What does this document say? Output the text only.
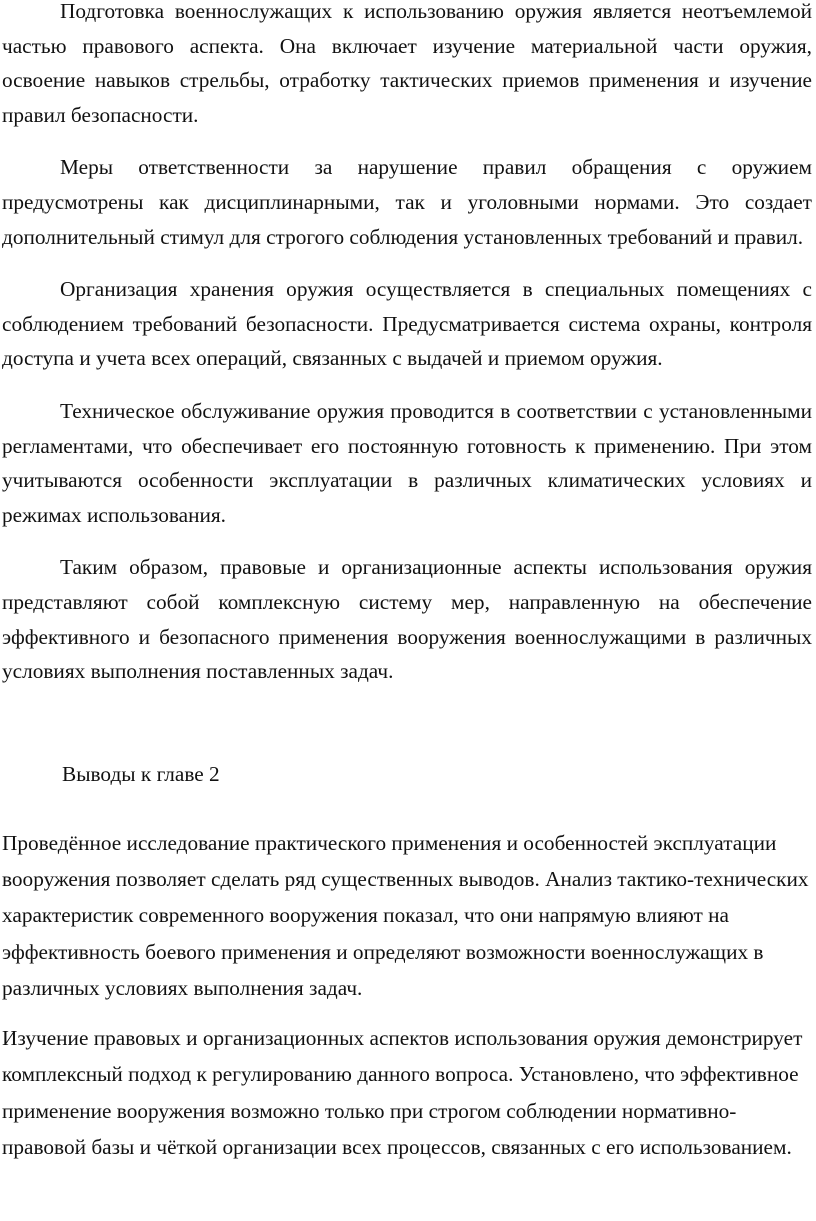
Подготовка военнослужащих к использованию оружия является неотъемлемой частью правового аспекта. Она включает изучение материальной части оружия, освоение навыков стрельбы, отработку тактических приемов применения и изучение правил безопасности.

Меры ответственности за нарушение правил обращения с оружием предусмотрены как дисциплинарными, так и уголовными нормами. Это создает дополнительный стимул для строгого соблюдения установленных требований и правил.

Организация хранения оружия осуществляется в специальных помещениях с соблюдением требований безопасности. Предусматривается система охраны, контроля доступа и учета всех операций, связанных с выдачей и приемом оружия.

Техническое обслуживание оружия проводится в соответствии с установленными регламентами, что обеспечивает его постоянную готовность к применению. При этом учитываются особенности эксплуатации в различных климатических условиях и режимах использования.

Таким образом, правовые и организационные аспекты использования оружия представляют собой комплексную систему мер, направленную на обеспечение эффективного и безопасного применения вооружения военнослужащими в различных условиях выполнения поставленных задач.

Выводы к главе 2

Проведённое исследование практического применения и особенностей эксплуатации вооружения позволяет сделать ряд существенных выводов. Анализ тактико-технических характеристик современного вооружения показал, что они напрямую влияют на эффективность боевого применения и определяют возможности военнослужащих в различных условиях выполнения задач.

Изучение правовых и организационных аспектов использования оружия демонстрирует комплексный подход к регулированию данного вопроса. Установлено, что эффективное применение вооружения возможно только при строгом соблюдении нормативно-правовой базы и чёткой организации всех процессов, связанных с его использованием.
